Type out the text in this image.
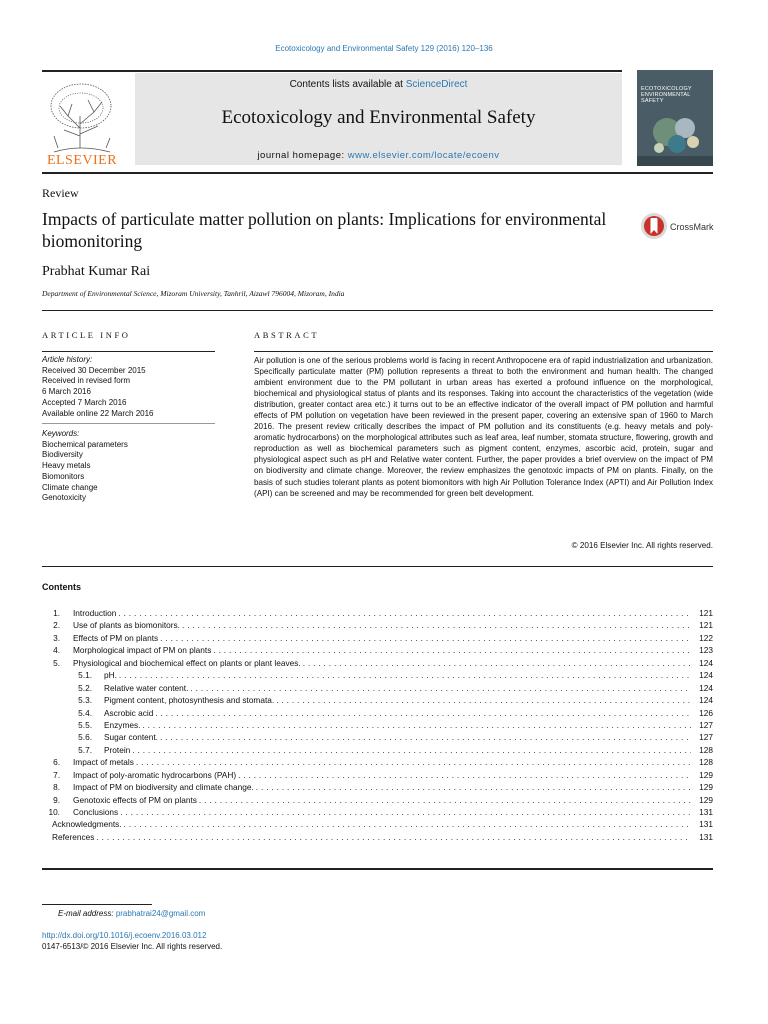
Ecotoxicology and Environmental Safety 129 (2016) 120–136
ELSEVIER
Contents lists available at ScienceDirect
Ecotoxicology and Environmental Safety
journal homepage: www.elsevier.com/locate/ecoenv
ECOTOXICOLOGY ENVIRONMENTAL SAFETY
Review
Impacts of particulate matter pollution on plants: Implications for environmental biomonitoring
CrossMark
Prabhat Kumar Rai
Department of Environmental Science, Mizoram University, Tanhril, Aizawl 796004, Mizoram, India
ARTICLE INFO
Article history:
Received 30 December 2015
Received in revised form
6 March 2016
Accepted 7 March 2016
Available online 22 March 2016
Keywords:
Biochemical parameters
Biodiversity
Heavy metals
Biomonitors
Climate change
Genotoxicity
ABSTRACT
Air pollution is one of the serious problems world is facing in recent Anthropocene era of rapid industrialization and urbanization. Specifically particulate matter (PM) pollution represents a threat to both the environment and human health. The changed ambient environment due to the PM pollutant in urban areas has exerted a profound influence on the morphological, biochemical and physiological status of plants and its responses. Taking into account the characteristics of the vegetation (wide distribution, greater contact area etc.) it turns out to be an effective indicator of the overall impact of PM pollution and harmful effects of PM pollution on vegetation have been reviewed in the present paper, covering an extensive span of 1960 to March 2016. The present review critically describes the impact of PM pollution and its constituents (e.g. heavy metals and poly-aromatic hydrocarbons) on the morphological attributes such as leaf area, leaf number, stomata structure, flowering, growth and reproduction as well as biochemical parameters such as pigment content, enzymes, ascorbic acid, protein, sugar and physiological aspect such as pH and Relative water content. Further, the paper provides a brief overview on the impact of PM on biodiversity and climate change. Moreover, the review emphasizes the genotoxic impacts of PM on plants. Finally, on the basis of such studies tolerant plants as potent biomonitors with high Air Pollution Tolerance Index (APTI) and Air Pollution Index (API) can be screened and may be recommended for green belt development.
© 2016 Elsevier Inc. All rights reserved.
Contents
1. Introduction . . .	121
2. Use of plants as biomonitors. . . .	121
3. Effects of PM on plants . . .	122
4. Morphological impact of PM on plants . . .	123
5. Physiological and biochemical effect on plants or plant leaves. . . .	124
5.1. pH. . . .	124
5.2. Relative water content. . . .	124
5.3. Pigment content, photosynthesis and stomata. . . .	124
5.4. Ascrobic acid . . .	126
5.5. Enzymes. . . .	127
5.6. Sugar content. . . .	127
5.7. Protein . . .	128
6. Impact of metals . . .	128
7. Impact of poly-aromatic hydrocarbons (PAH) . . .	129
8. Impact of PM on biodiversity and climate change. . . .	129
9. Genotoxic effects of PM on plants . . .	129
10. Conclusions . . .	131
Acknowledgments. . . .	131
References . . .	131
E-mail address: prabhatrai24@gmail.com
http://dx.doi.org/10.1016/j.ecoenv.2016.03.012
0147-6513/© 2016 Elsevier Inc. All rights reserved.
